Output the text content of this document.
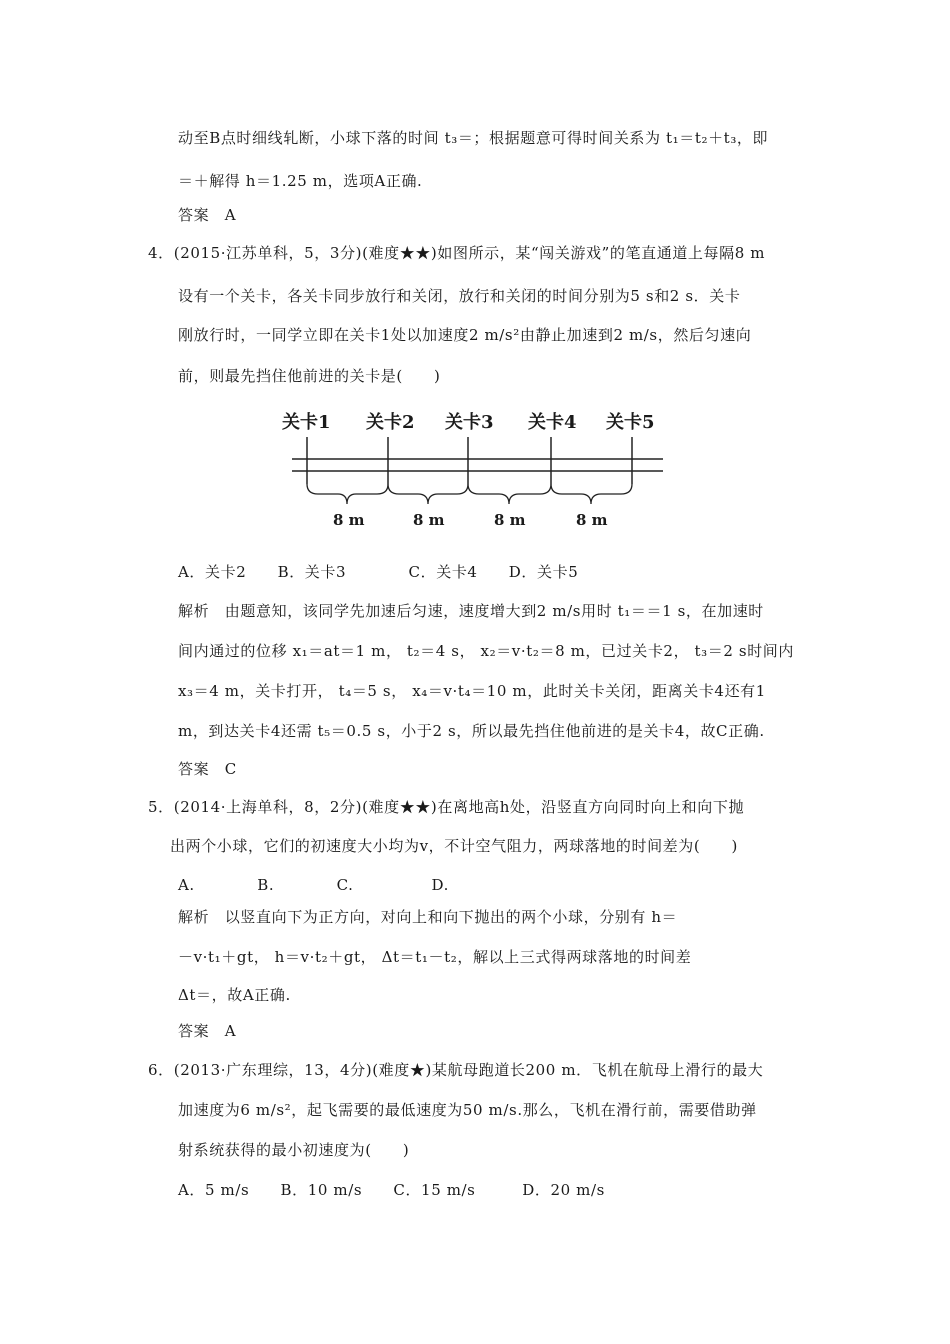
动至B点时细线轧断，小球下落的时间 t₃＝；根据题意可得时间关系为 t₁＝t₂＋t₃，即
＝＋解得 h＝1.25 m，选项A正确.
答案　A
4．(2015·江苏单科，5，3分)(难度★★)如图所示，某“闯关游戏”的笔直通道上每隔8 m
设有一个关卡，各关卡同步放行和关闭，放行和关闭的时间分别为5 s和2 s．关卡
刚放行时，一同学立即在关卡1处以加速度2 m/s²由静止加速到2 m/s，然后匀速向
前，则最先挡住他前进的关卡是(　　)
关卡1 关卡2 关卡3 关卡4 关卡5
8 m	8 m	8 m	8 m
A．关卡2　　B．关卡3　　　　C．关卡4　　D．关卡5
解析　由题意知，该同学先加速后匀速，速度增大到2 m/s用时 t₁＝＝1 s，在加速时
间内通过的位移 x₁＝at＝1 m， t₂＝4 s， x₂＝v·t₂＝8 m，已过关卡2， t₃＝2 s时间内
x₃＝4 m，关卡打开， t₄＝5 s， x₄＝v·t₄＝10 m，此时关卡关闭，距离关卡4还有1
m，到达关卡4还需 t₅＝0.5 s，小于2 s，所以最先挡住他前进的是关卡4，故C正确.
答案　C
5．(2014·上海单科，8，2分)(难度★★)在离地高h处，沿竖直方向同时向上和向下抛
出两个小球，它们的初速度大小均为v，不计空气阻力，两球落地的时间差为(　　)
A.　　　　B.　　　　C.　　　　　D.
解析　以竖直向下为正方向，对向上和向下抛出的两个小球，分别有 h＝
－v·t₁＋gt， h＝v·t₂＋gt， Δt＝t₁－t₂，解以上三式得两球落地的时间差
Δt＝，故A正确.
答案　A
6．(2013·广东理综，13，4分)(难度★)某航母跑道长200 m．飞机在航母上滑行的最大
加速度为6 m/s²，起飞需要的最低速度为50 m/s.那么，飞机在滑行前，需要借助弹
射系统获得的最小初速度为(　　)
A．5 m/s　　B．10 m/s　　C．15 m/s　　　D．20 m/s
